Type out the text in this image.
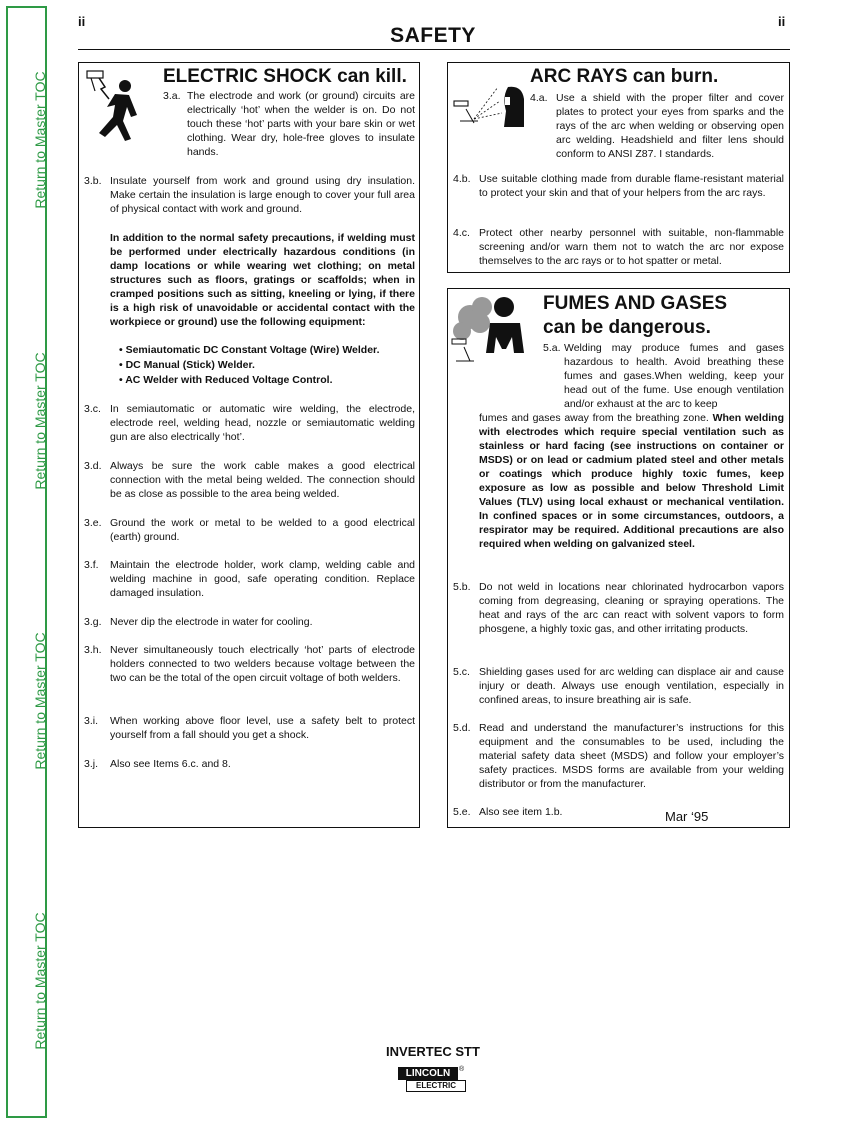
Return to Master TOC
Return to Master TOC
Return to Master TOC
Return to Master TOC
ii	ii
SAFETY
ELECTRIC SHOCK can kill.
3.a. The electrode and work (or ground) circuits are electrically ‘hot’ when the welder is on. Do not touch these ‘hot’ parts with your bare skin or wet clothing. Wear dry, hole-free gloves to insulate hands.
3.b. Insulate yourself from work and ground using dry insulation. Make certain the insulation is large enough to cover your full area of physical contact with work and ground.
In addition to the normal safety precautions, if welding must be performed under electrically hazardous conditions (in damp locations or while wearing wet clothing; on metal structures such as floors, gratings or scaffolds; when in cramped positions such as sitting, kneeling or lying, if there is a high risk of unavoidable or accidental contact with the workpiece or ground) use the following equipment:
• Semiautomatic DC Constant Voltage (Wire) Welder.
• DC Manual (Stick) Welder.
• AC Welder with Reduced Voltage Control.
3.c. In semiautomatic or automatic wire welding, the electrode, electrode reel, welding head, nozzle or semiautomatic welding gun are also electrically ‘hot’.
3.d. Always be sure the work cable makes a good electrical connection with the metal being welded. The connection should be as close as possible to the area being welded.
3.e. Ground the work or metal to be welded to a good electrical (earth) ground.
3.f. Maintain the electrode holder, work clamp, welding cable and welding machine in good, safe operating condition. Replace damaged insulation.
3.g. Never dip the electrode in water for cooling.
3.h. Never simultaneously touch electrically ‘hot’ parts of electrode holders connected to two welders because voltage between the two can be the total of the open circuit voltage of both welders.
3.i. When working above floor level, use a safety belt to protect yourself from a fall should you get a shock.
3.j. Also see Items 6.c. and 8.
ARC RAYS can burn.
4.a. Use a shield with the proper filter and cover plates to protect your eyes from sparks and the rays of the arc when welding or observing open arc welding. Headshield and filter lens should conform to ANSI Z87. I standards.
4.b. Use suitable clothing made from durable flame-resistant material to protect your skin and that of your helpers from the arc rays.
4.c. Protect other nearby personnel with suitable, non-flammable screening and/or warn them not to watch the arc nor expose themselves to the arc rays or to hot spatter or metal.
FUMES AND GASES
can be dangerous.
5.a. Welding may produce fumes and gases hazardous to health. Avoid breathing these fumes and gases.When welding, keep your head out of the fume. Use enough ventilation and/or exhaust at the arc to keep
fumes and gases away from the breathing zone. When welding with electrodes which require special ventilation such as stainless or hard facing (see instructions on container or MSDS) or on lead or cadmium plated steel and other metals or coatings which produce highly toxic fumes, keep exposure as low as possible and below Threshold Limit Values (TLV) using local exhaust or mechanical ventilation. In confined spaces or in some circumstances, outdoors, a respirator may be required. Additional precautions are also required when welding on galvanized steel.
5.b. Do not weld in locations near chlorinated hydrocarbon vapors coming from degreasing, cleaning or spraying operations. The heat and rays of the arc can react with solvent vapors to form phosgene, a highly toxic gas, and other irritating products.
5.c. Shielding gases used for arc welding can displace air and cause injury or death. Always use enough ventilation, especially in confined areas, to insure breathing air is safe.
5.d. Read and understand the manufacturer’s instructions for this equipment and the consumables to be used, including the material safety data sheet (MSDS) and follow your employer’s safety practices. MSDS forms are available from your welding distributor or from the manufacturer.
5.e. Also see item 1.b.	Mar ‘95
INVERTEC STT
LINCOLN	®
ELECTRIC
